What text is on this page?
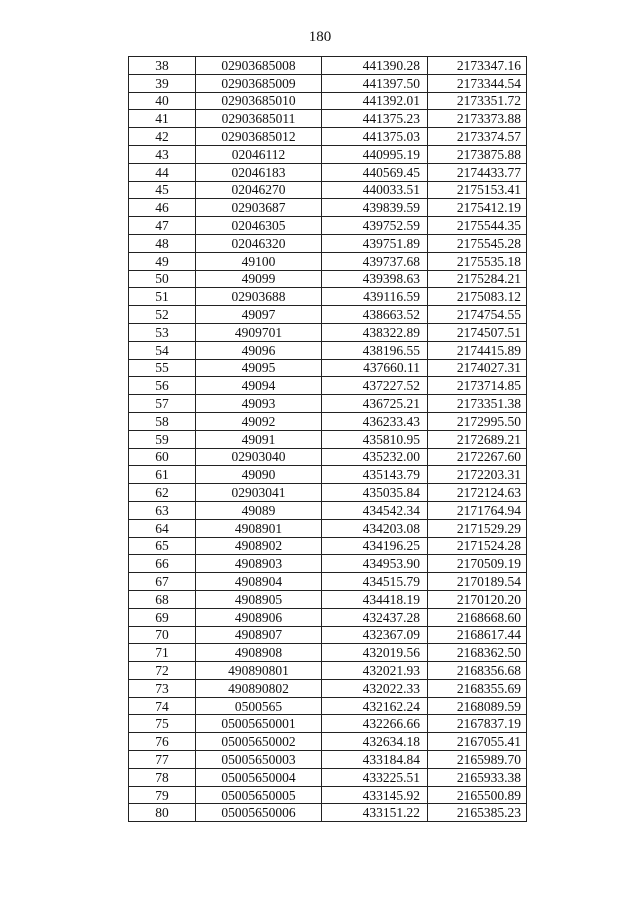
180
38	02903685008	441390.28	2173347.16
39	02903685009	441397.50	2173344.54
40	02903685010	441392.01	2173351.72
41	02903685011	441375.23	2173373.88
42	02903685012	441375.03	2173374.57
43	02046112	440995.19	2173875.88
44	02046183	440569.45	2174433.77
45	02046270	440033.51	2175153.41
46	02903687	439839.59	2175412.19
47	02046305	439752.59	2175544.35
48	02046320	439751.89	2175545.28
49	49100	439737.68	2175535.18
50	49099	439398.63	2175284.21
51	02903688	439116.59	2175083.12
52	49097	438663.52	2174754.55
53	4909701	438322.89	2174507.51
54	49096	438196.55	2174415.89
55	49095	437660.11	2174027.31
56	49094	437227.52	2173714.85
57	49093	436725.21	2173351.38
58	49092	436233.43	2172995.50
59	49091	435810.95	2172689.21
60	02903040	435232.00	2172267.60
61	49090	435143.79	2172203.31
62	02903041	435035.84	2172124.63
63	49089	434542.34	2171764.94
64	4908901	434203.08	2171529.29
65	4908902	434196.25	2171524.28
66	4908903	434953.90	2170509.19
67	4908904	434515.79	2170189.54
68	4908905	434418.19	2170120.20
69	4908906	432437.28	2168668.60
70	4908907	432367.09	2168617.44
71	4908908	432019.56	2168362.50
72	490890801	432021.93	2168356.68
73	490890802	432022.33	2168355.69
74	0500565	432162.24	2168089.59
75	05005650001	432266.66	2167837.19
76	05005650002	432634.18	2167055.41
77	05005650003	433184.84	2165989.70
78	05005650004	433225.51	2165933.38
79	05005650005	433145.92	2165500.89
80	05005650006	433151.22	2165385.23
